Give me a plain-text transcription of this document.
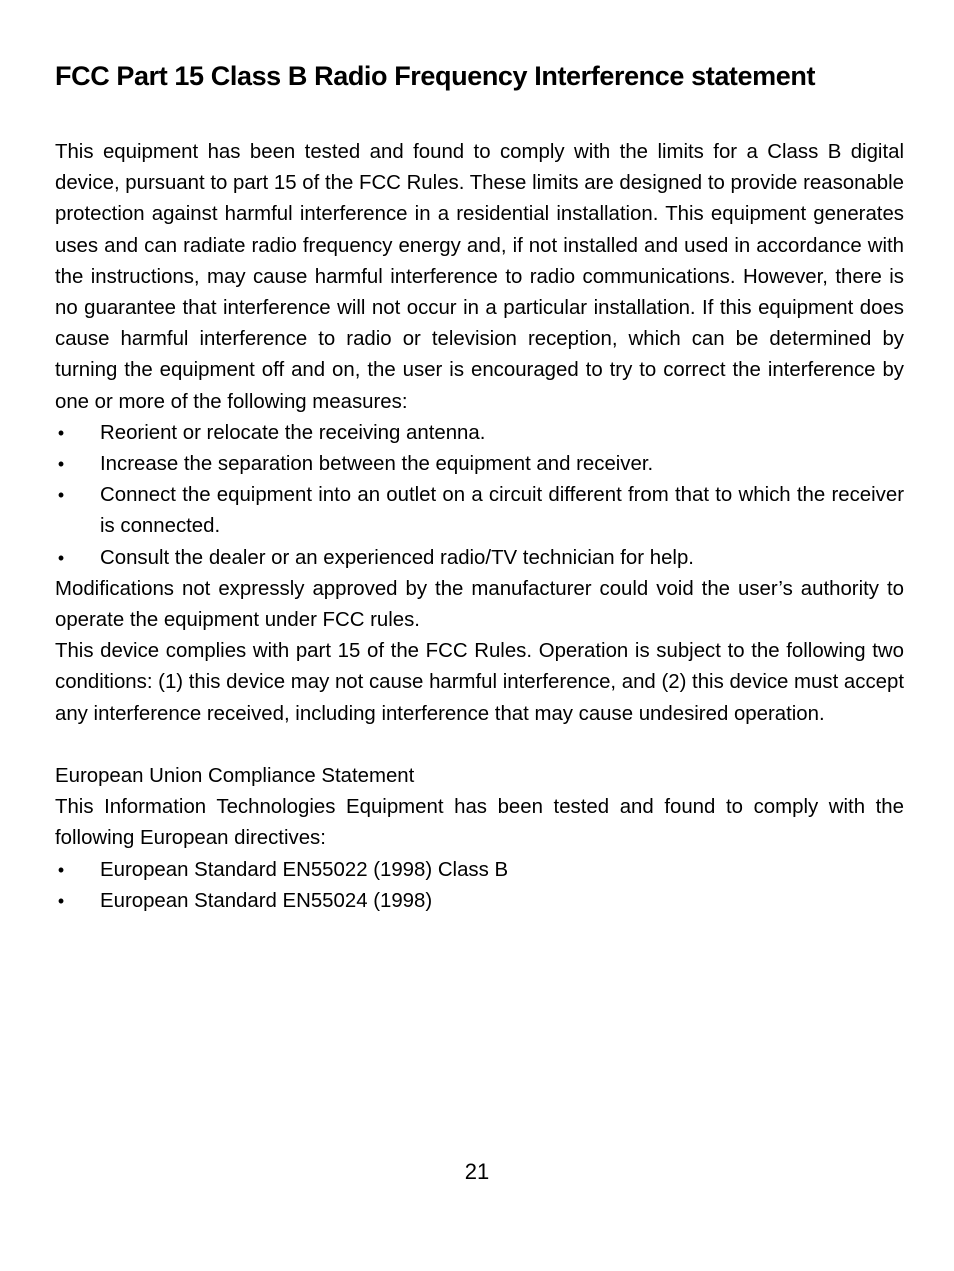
FCC Part 15 Class B Radio Frequency Interference statement

This equipment has been tested and found to comply with the limits for a Class B digital device, pursuant to part 15 of the FCC Rules. These limits are designed to provide reasonable protection against harmful interference in a residential installation. This equipment generates uses and can radiate radio frequency energy and, if not installed and used in accordance with the instructions, may cause harmful interference to radio communications. However, there is no guarantee that interference will not occur in a particular installation. If this equipment does cause harmful interference to radio or television reception, which can be determined by turning the equipment off and on, the user is encouraged to try to correct the interference by one or more of the following measures:

• Reorient or relocate the receiving antenna.
• Increase the separation between the equipment and receiver.
• Connect the equipment into an outlet on a circuit different from that to which the receiver is connected.
• Consult the dealer or an experienced radio/TV technician for help.

Modifications not expressly approved by the manufacturer could void the user’s authority to operate the equipment under FCC rules.

This device complies with part 15 of the FCC Rules. Operation is subject to the following two conditions: (1) this device may not cause harmful interference, and (2) this device must accept any interference received, including interference that may cause undesired operation.

European Union Compliance Statement

This Information Technologies Equipment has been tested and found to comply with the following European directives:

• European Standard EN55022 (1998) Class B
• European Standard EN55024 (1998)
21
